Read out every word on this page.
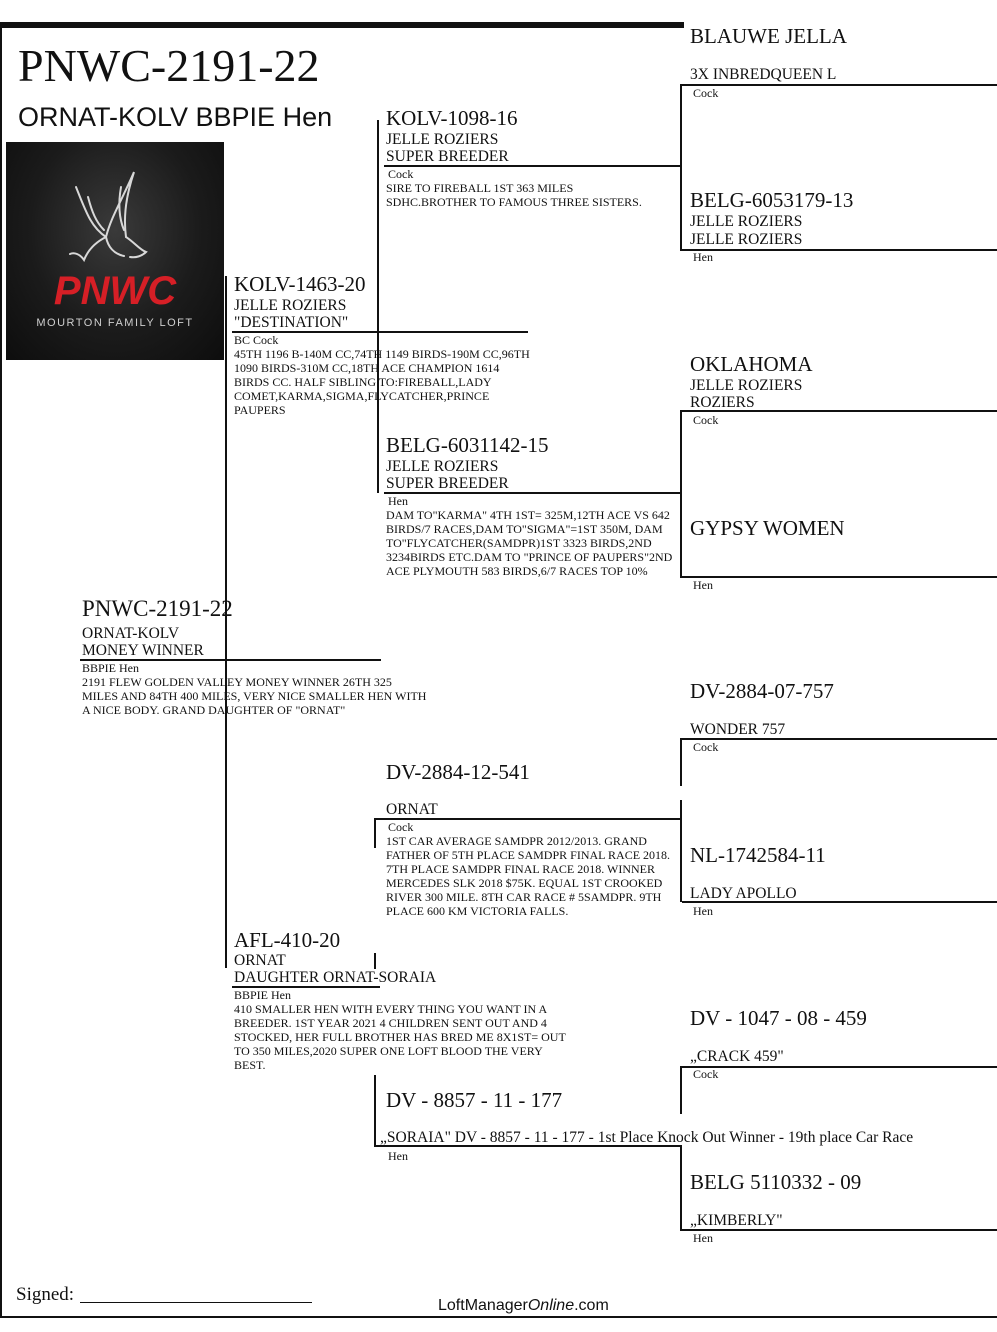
PNWC-2191-22
ORNAT-KOLV BBPIE Hen
PNWC
MOURTON FAMILY LOFT
PNWC-2191-22
ORNAT-KOLV
MONEY WINNER
BBPIE Hen
2191 FLEW GOLDEN VALLEY MONEY WINNER 26TH 325 MILES AND 84TH 400 MILES, VERY NICE SMALLER HEN WITH A NICE BODY. GRAND DAUGHTER OF "ORNAT"
KOLV-1463-20
JELLE ROZIERS
"DESTINATION"
BC Cock
45TH 1196 B-140M CC,74TH 1149 BIRDS-190M CC,96TH 1090 BIRDS-310M CC,18TH ACE CHAMPION 1614 BIRDS CC. HALF SIBLING TO:FIREBALL,LADY COMET,KARMA,SIGMA,FLYCATCHER,PRINCE PAUPERS
AFL-410-20
ORNAT
DAUGHTER ORNAT-SORAIA
BBPIE Hen
410 SMALLER HEN WITH EVERY THING YOU WANT IN A BREEDER. 1ST YEAR 2021 4 CHILDREN SENT OUT AND 4 STOCKED, HER FULL BROTHER HAS BRED ME 8X1ST= OUT TO 350 MILES,2020 SUPER ONE LOFT BLOOD THE VERY BEST.
KOLV-1098-16
JELLE ROZIERS
SUPER BREEDER
Cock
SIRE TO FIREBALL 1ST 363 MILES SDHC.BROTHER TO FAMOUS THREE SISTERS.
BELG-6031142-15
JELLE ROZIERS
SUPER BREEDER
Hen
DAM TO"KARMA" 4TH 1ST= 325M,12TH ACE VS 642 BIRDS/7 RACES,DAM TO"SIGMA"=1ST 350M, DAM TO"FLYCATCHER(SAMDPR)1ST 3323 BIRDS,2ND 3234BIRDS ETC.DAM TO "PRINCE OF PAUPERS"2ND ACE PLYMOUTH 583 BIRDS,6/7 RACES TOP 10%
DV-2884-12-541
ORNAT
Cock
1ST CAR AVERAGE SAMDPR 2012/2013. GRAND FATHER OF 5TH PLACE SAMDPR FINAL RACE 2018. 7TH PLACE SAMDPR FINAL RACE 2018. WINNER MERCEDES SLK 2018 $75K. EQUAL 1ST CROOKED RIVER 300 MILE. 8TH CAR RACE # 5SAMDPR. 9TH PLACE 600 KM VICTORIA FALLS.
DV - 8857 - 11 - 177
„SORAIA" DV - 8857 - 11 - 177 - 1st Place Knock Out Winner - 19th place Car Race
Hen
BLAUWE JELLA
3X INBREDQUEEN L
Cock
BELG-6053179-13
JELLE ROZIERS
JELLE ROZIERS
Hen
OKLAHOMA
JELLE ROZIERS
ROZIERS
Cock
GYPSY WOMEN
Hen
DV-2884-07-757
WONDER 757
Cock
NL-1742584-11
LADY APOLLO
Hen
DV - 1047 - 08 - 459
„CRACK 459"
Cock
BELG 5110332 - 09
„KIMBERLY"
Hen
Signed:
LoftManagerOnline.com
